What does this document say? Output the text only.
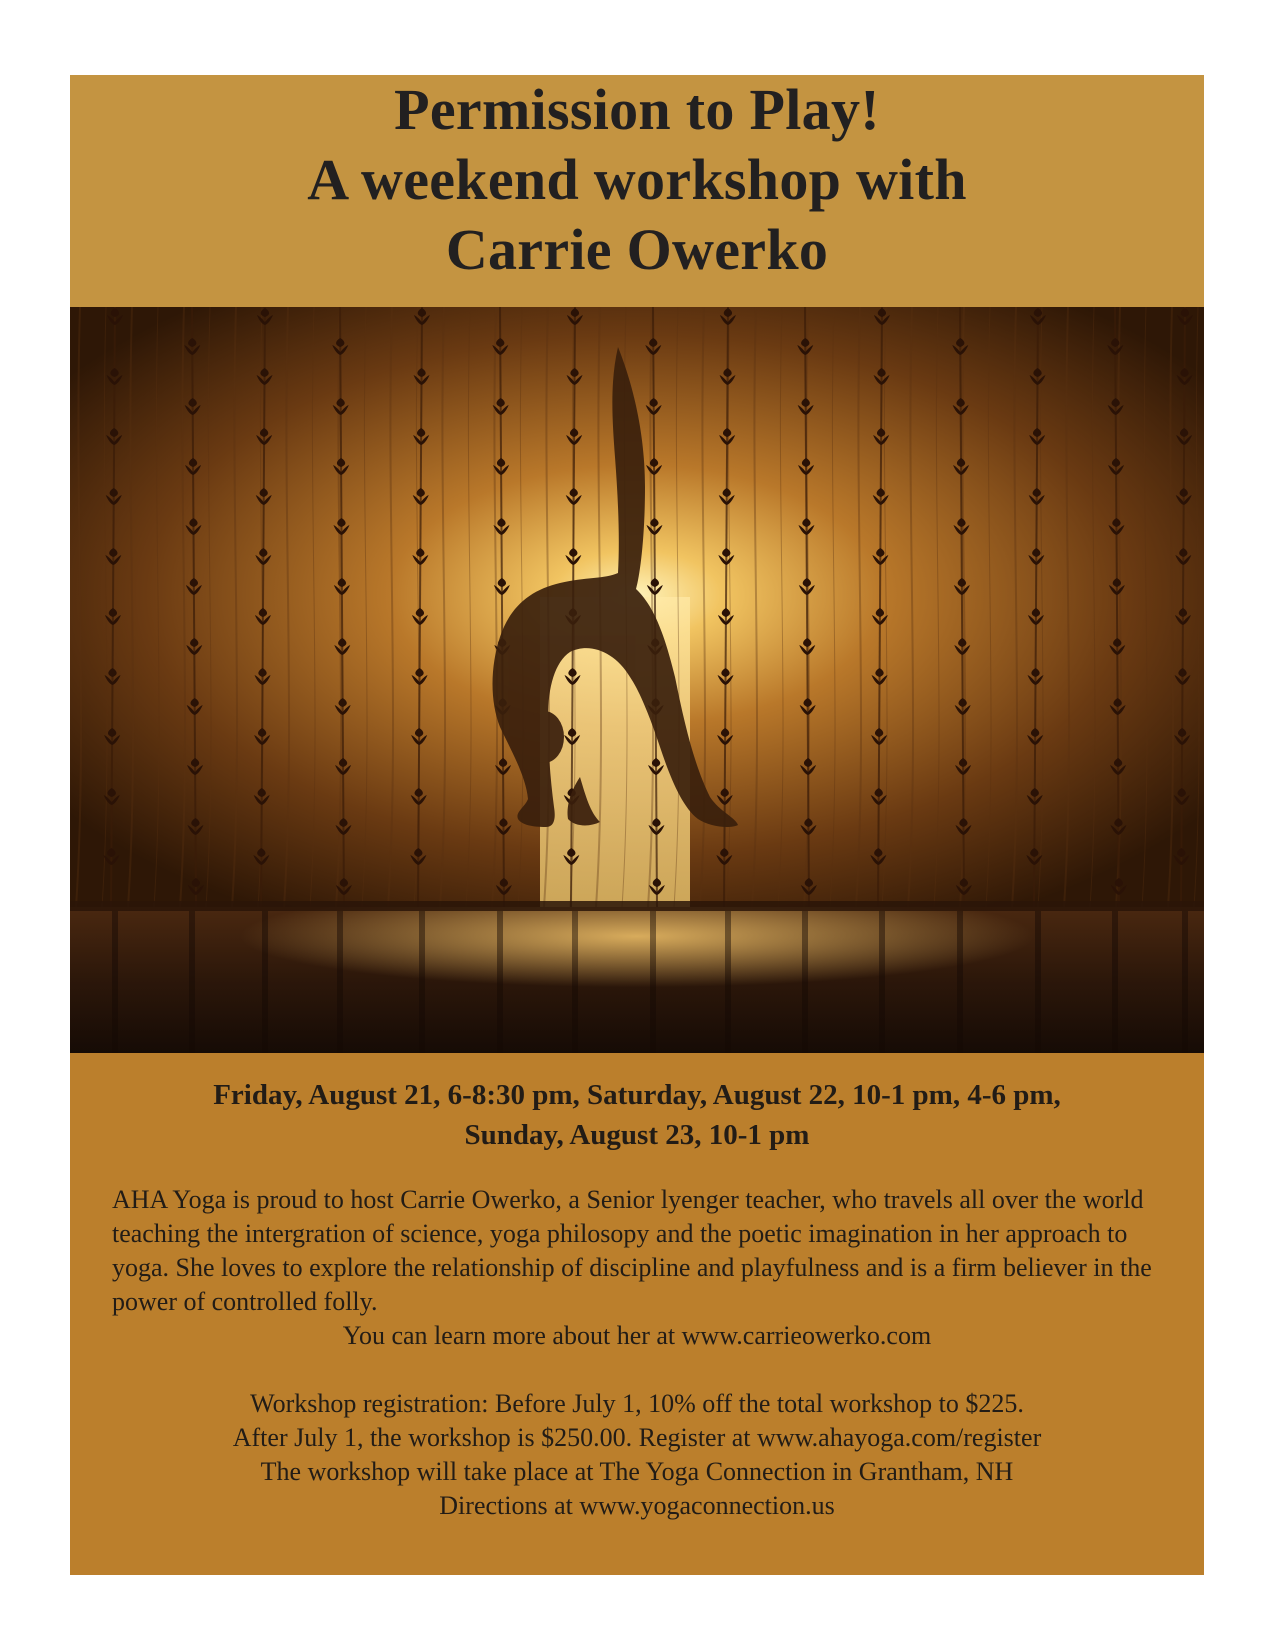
Permission to Play!
A weekend workshop with
Carrie Owerko

Friday, August 21, 6-8:30 pm, Saturday, August 22, 10-1 pm, 4-6 pm,
Sunday, August 23, 10-1 pm

AHA Yoga is proud to host Carrie Owerko, a Senior lyenger teacher, who travels all over the world teaching the intergration of science, yoga philosopy and the poetic imagination in her approach to yoga. She loves to explore the relationship of discipline and playfulness and is a firm believer in the power of controlled folly.

You can learn more about her at www.carrieowerko.com

Workshop registration: Before July 1, 10% off the total workshop to $225.
After July 1, the workshop is $250.00. Register at www.ahayoga.com/register
The workshop will take place at The Yoga Connection in Grantham, NH
Directions at www.yogaconnection.us
